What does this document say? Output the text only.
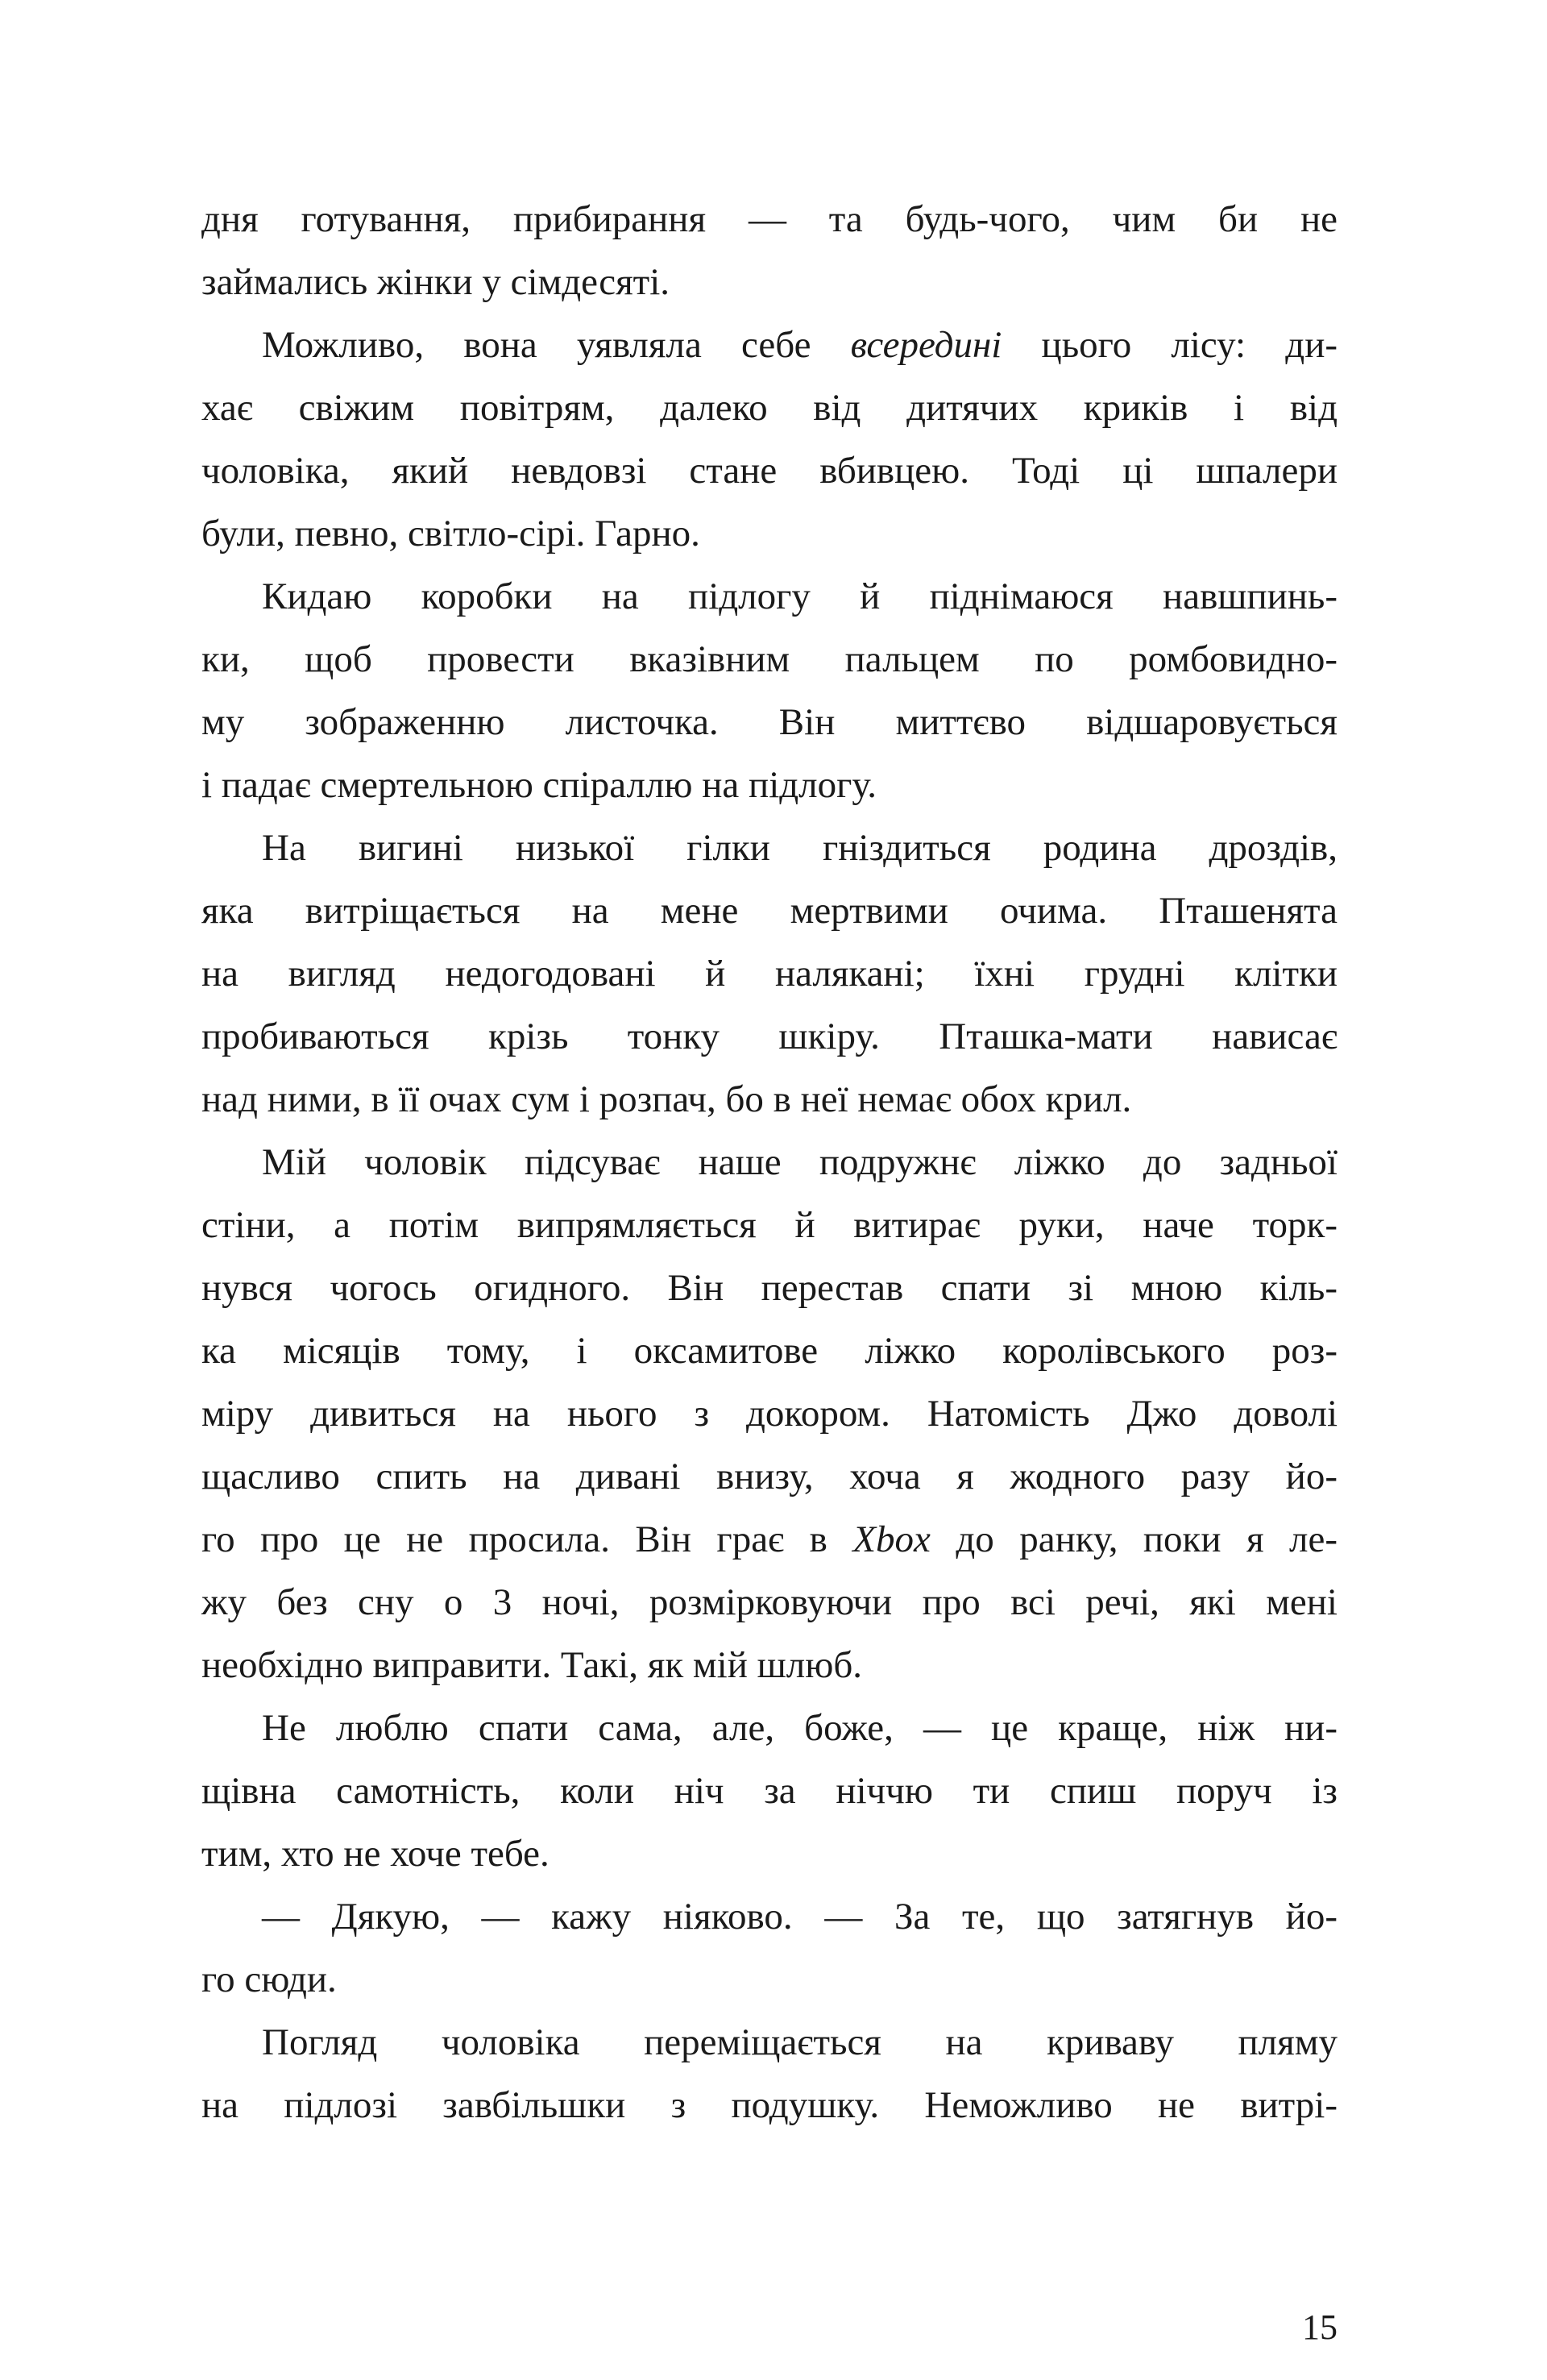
дня готування, прибирання — та будь-чого, чим би не
займались жінки у сімдесяті.
Можливо, вона уявляла себе всередині цього лісу: ди-
хає свіжим повітрям, далеко від дитячих криків і від
чоловіка, який невдовзі стане вбивцею. Тоді ці шпалери
були, певно, світло-сірі. Гарно.
Кидаю коробки на підлогу й піднімаюся навшпинь-
ки, щоб провести вказівним пальцем по ромбовидно-
му зображенню листочка. Він миттєво відшаровується
і падає смертельною спіраллю на підлогу.
На вигині низької гілки гніздиться родина дроздів,
яка витріщається на мене мертвими очима. Пташенята
на вигляд недогодовані й налякані; їхні грудні клітки
пробиваються крізь тонку шкіру. Пташка-мати нависає
над ними, в її очах сум і розпач, бо в неї немає обох крил.
Мій чоловік підсуває наше подружнє ліжко до задньої
стіни, а потім випрямляється й витирає руки, наче торк-
нувся чогось огидного. Він перестав спати зі мною кіль-
ка місяців тому, і оксамитове ліжко королівського роз-
міру дивиться на нього з докором. Натомість Джо доволі
щасливо спить на дивані внизу, хоча я жодного разу йо-
го про це не просила. Він грає в Xbox до ранку, поки я ле-
жу без сну о 3 ночі, розмірковуючи про всі речі, які мені
необхідно виправити. Такі, як мій шлюб.
Не люблю спати сама, але, боже, — це краще, ніж ни-
щівна самотність, коли ніч за ніччю ти спиш поруч із
тим, хто не хоче тебе.
— Дякую, — кажу ніяково. — За те, що затягнув йо-
го сюди.
Погляд чоловіка переміщається на криваву пляму
на підлозі завбільшки з подушку. Неможливо не витрі-
15
